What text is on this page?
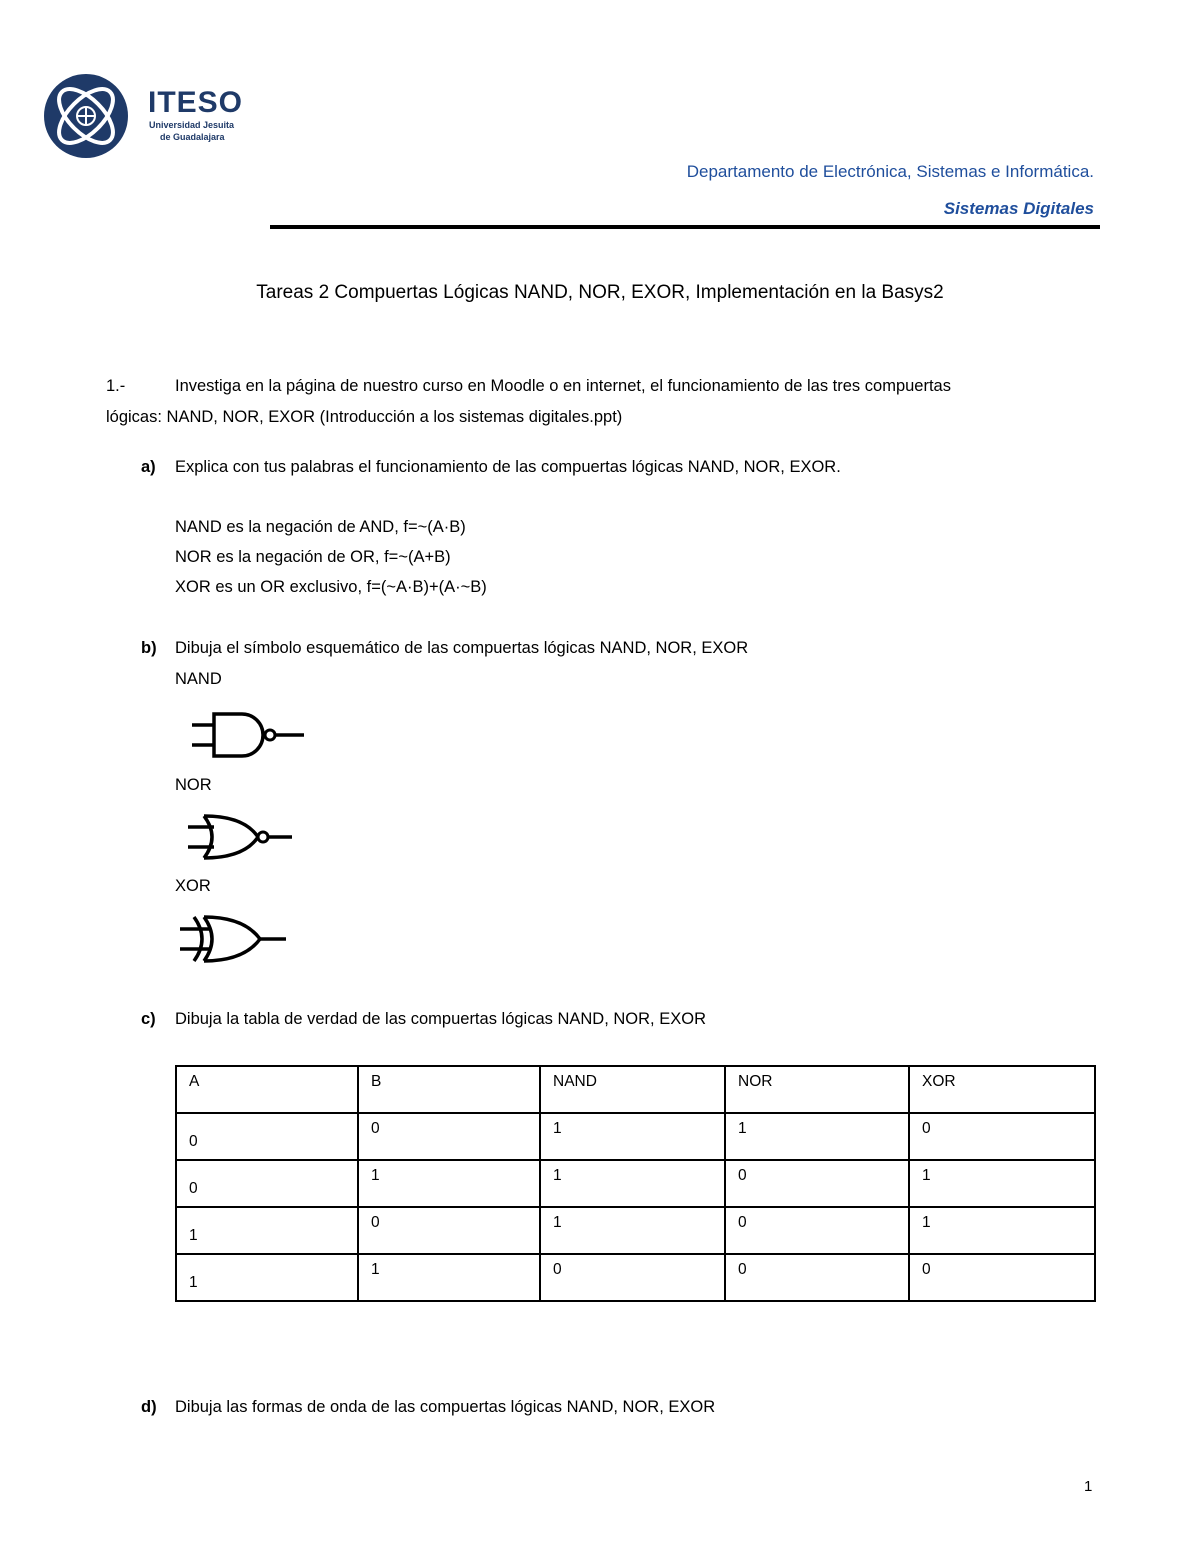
ITESO
Universidad Jesuita
de Guadalajara
Departamento de Electrónica, Sistemas e Informática.
Sistemas Digitales
Tareas 2 Compuertas Lógicas NAND, NOR, EXOR, Implementación en la Basys2
1.-	Investiga en la página de nuestro curso en Moodle o en internet, el funcionamiento de las tres compuertas
lógicas: NAND, NOR, EXOR (Introducción a los sistemas digitales.ppt)
a) Explica con tus palabras el funcionamiento de las compuertas lógicas NAND, NOR, EXOR.
NAND es la negación de AND, f=~(A·B)
NOR es la negación de OR, f=~(A+B)
XOR es un OR exclusivo, f=(~A·B)+(A·~B)
b) Dibuja el símbolo esquemático de las compuertas lógicas NAND, NOR, EXOR
NAND
NOR
XOR
c) Dibuja la tabla de verdad de las compuertas lógicas NAND, NOR, EXOR
A	B	NAND	NOR	XOR
0	0	1	1	0
0	1	1	0	1
1	0	1	0	1
1	1	0	0	0
d) Dibuja las formas de onda de las compuertas lógicas NAND, NOR, EXOR
1
